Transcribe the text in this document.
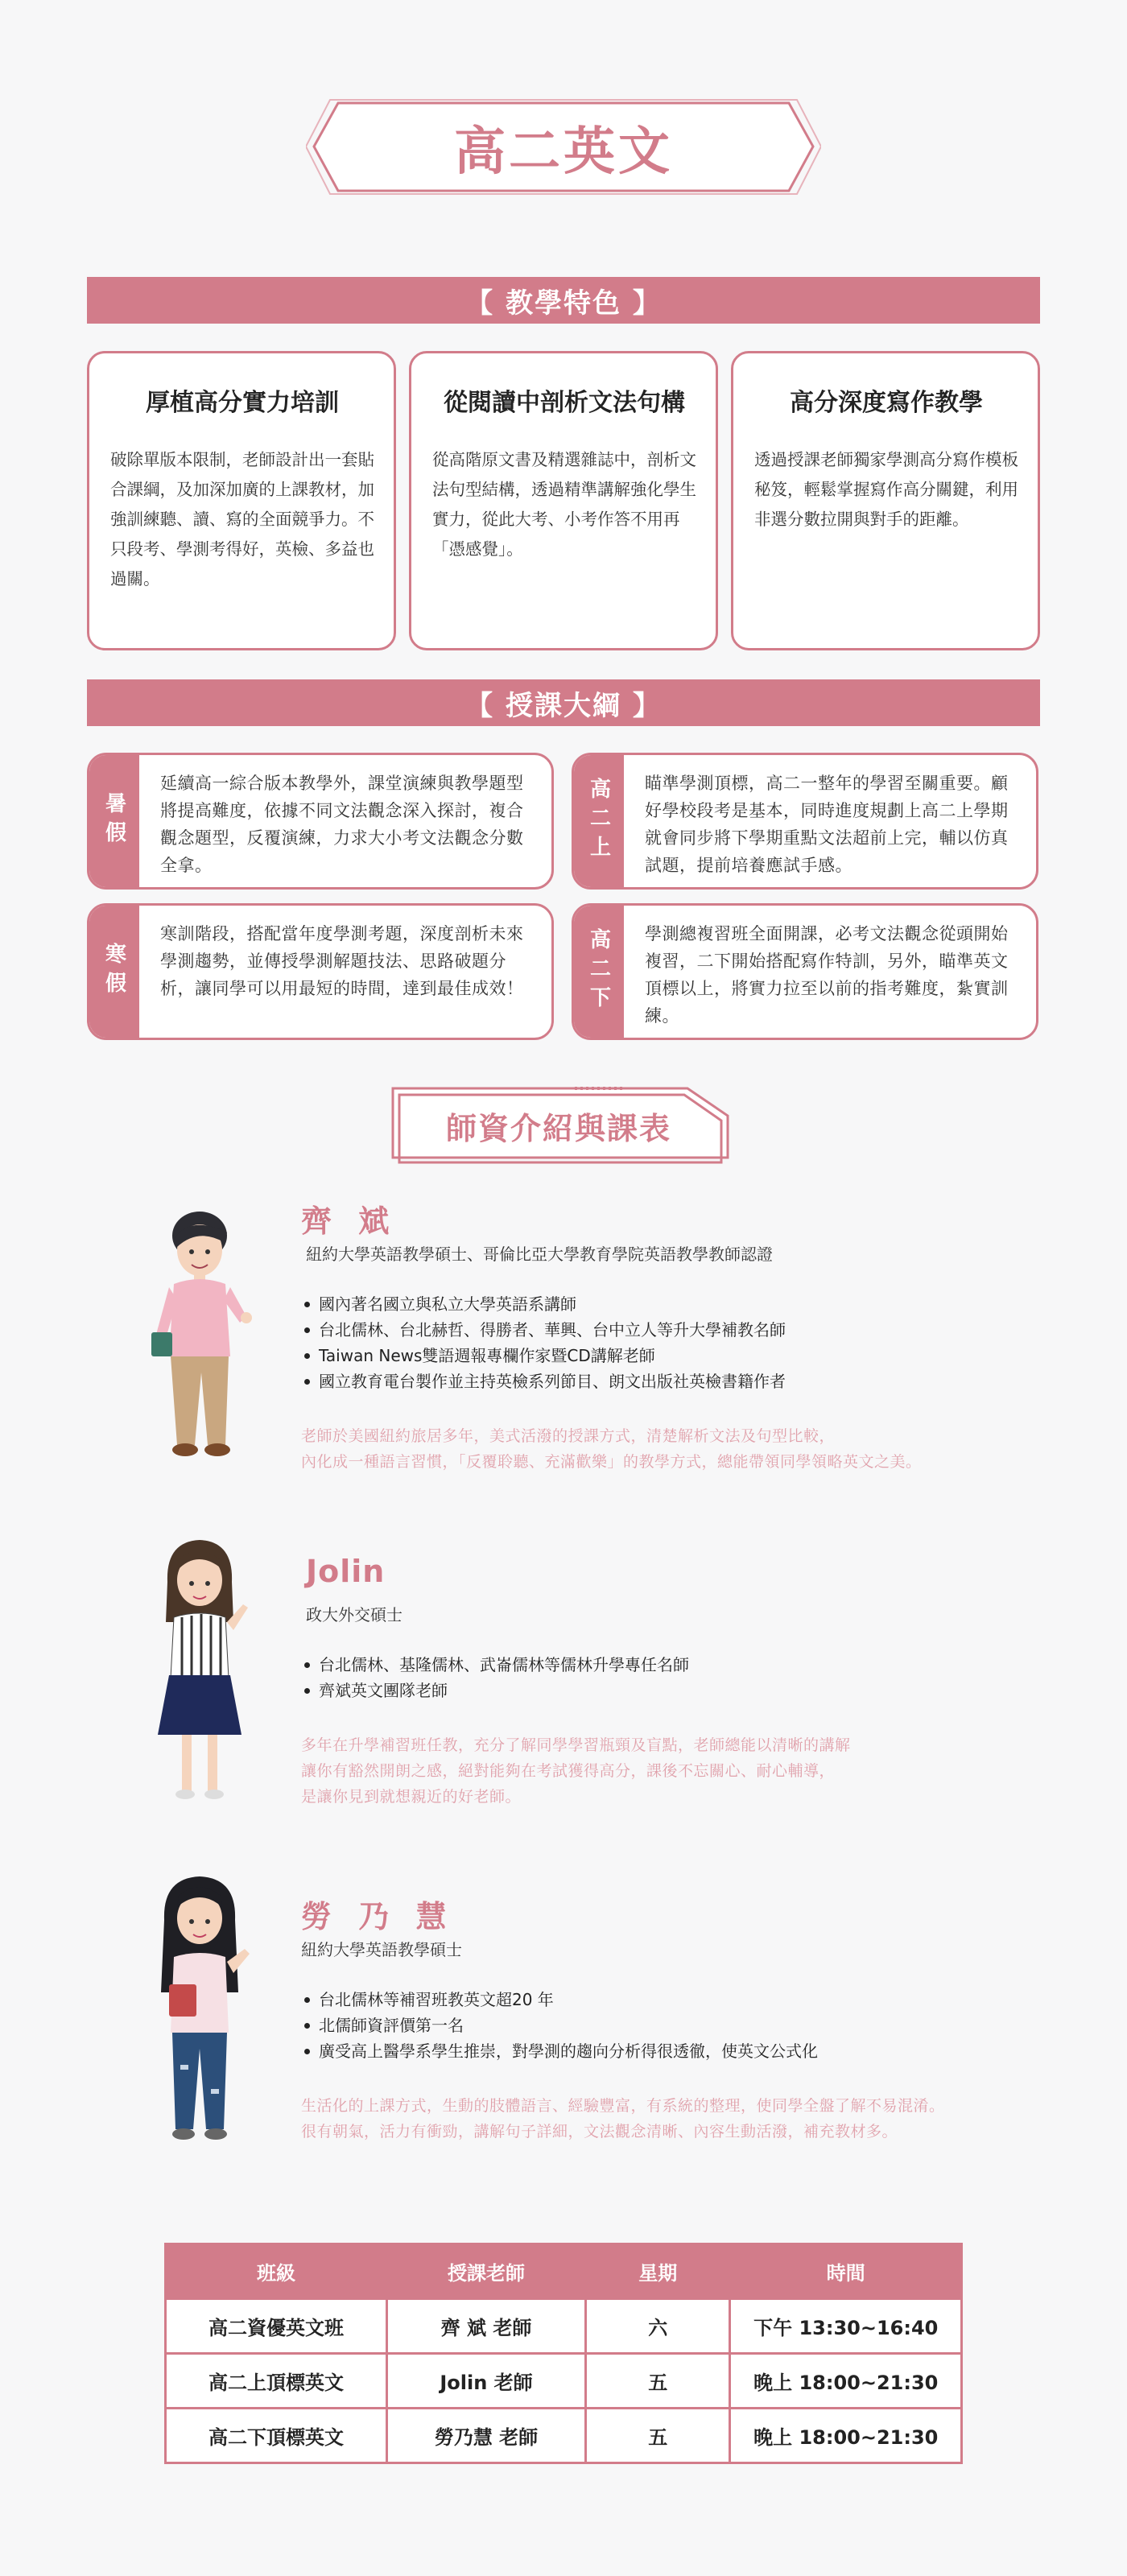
高二英文
【 教學特色 】
厚植高分實力培訓
破除單版本限制，老師設計出一套貼合課綱，及加深加廣的上課教材，加強訓練聽、讀、寫的全面競爭力。不只段考、學測考得好，英檢、多益也過關。
從閱讀中剖析文法句構
從高階原文書及精選雜誌中，剖析文法句型結構，透過精準講解強化學生實力，從此大考、小考作答不用再「憑感覺」。
高分深度寫作教學
透過授課老師獨家學測高分寫作模板秘笈，輕鬆掌握寫作高分關鍵，利用非選分數拉開與對手的距離。
【 授課大綱 】
暑假
延續高一綜合版本教學外，課堂演練與教學題型將提高難度，依據不同文法觀念深入探討，複合觀念題型，反覆演練，力求大小考文法觀念分數全拿。
高二上	瞄準學測頂標，高二一整年的學習至關重要。顧好學校段考是基本，同時進度規劃上高二上學期就會同步將下學期重點文法超前上完，輔以仿真試題，提前培養應試手感。
寒假
寒訓階段，搭配當年度學測考題，深度剖析未來學測趨勢，並傳授學測解題技法、思路破題分析，讓同學可以用最短的時間，達到最佳成效！	高二下	學測總複習班全面開課，必考文法觀念從頭開始複習，二下開始搭配寫作特訓，另外，瞄準英文頂標以上，將實力拉至以前的指考難度，紮實訓練。
師資介紹與課表
齊 斌
紐約大學英語教學碩士、哥倫比亞大學教育學院英語教學教師認證
國內著名國立與私立大學英語系講師
台北儒林、台北赫哲、得勝者、華興、台中立人等升大學補教名師
Taiwan News雙語週報專欄作家暨CD講解老師
國立教育電台製作並主持英檢系列節目、朗文出版社英檢書籍作者
老師於美國紐約旅居多年，美式活潑的授課方式，清楚解析文法及句型比較，
內化成一種語言習慣，「反覆聆聽、充滿歡樂」的教學方式，總能帶領同學領略英文之美。
Jolin
政大外交碩士
台北儒林、基隆儒林、武崙儒林等儒林升學專任名師
齊斌英文團隊老師
多年在升學補習班任教，充分了解同學學習瓶頸及盲點，老師總能以清晰的講解
讓你有豁然開朗之感，絕對能夠在考試獲得高分，課後不忘關心、耐心輔導，
是讓你見到就想親近的好老師。
勞 乃 慧
紐約大學英語教學碩士
台北儒林等補習班教英文超20 年
北儒師資評價第一名
廣受高上醫學系學生推崇，對學測的趨向分析得很透徹，使英文公式化
生活化的上課方式，生動的肢體語言、經驗豐富，有系統的整理，使同學全盤了解不易混淆。
很有朝氣，活力有衝勁，講解句子詳細，文法觀念清晰、內容生動活潑，補充教材多。
班級	授課老師	星期	時間
高二資優英文班	齊 斌 老師	六	下午 13:30~16:40
高二上頂標英文	Jolin 老師	五	晚上 18:00~21:30
高二下頂標英文	勞乃慧 老師	五	晚上 18:00~21:30
